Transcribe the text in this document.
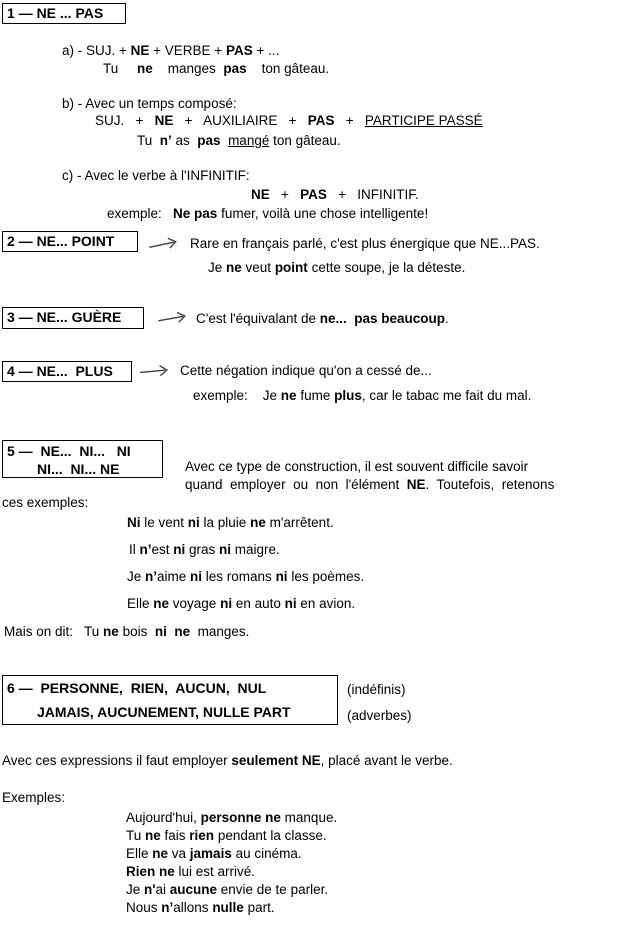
1 — NE ... PAS
a) - SUJ. + NE + VERBE + PAS + ...
Tu     ne    manges  pas    ton gâteau.
b) - Avec un temps composé:
SUJ.   +   NE   +   AUXILIAIRE   +   PAS   +   PARTICIPE PASSÉ
Tu  n’ as  pas mangé ton gâteau.
c) - Avec le verbe à l'INFINITIF:
NE   +   PAS   +   INFINITIF.
exemple:   Ne pas fumer, voilà une chose intelligente!
2 — NE... POINT	Rare en français parlé, c'est plus énergique que NE...PAS.
Je ne veut point cette soupe, je la déteste.
3 — NE... GUÈRE	C'est l'équivalant de ne...  pas beaucoup.
4 — NE...  PLUS	Cette négation indique qu'on a cessé de...
exemple:    Je ne fume plus, car le tabac me fait du mal.
5 —  NE...  NI...   NI
NI...  NI... NE	Avec ce type de construction, il est souvent difficile savoir
quand  employer  ou  non  l'élément  NE.  Toutefois,  retenons
ces exemples:
Ni le vent ni la pluie ne m'arrêtent.
Il n’est ni gras ni maigre.
Je n’aime ni les romans ni les poèmes.
Elle ne voyage ni en auto ni en avion.
Mais on dit:   Tu ne bois  ni ne  manges.
6 —  PERSONNE,  RIEN,  AUCUN,  NUL
JAMAIS, AUCUNEMENT, NULLE PART
(indéfinis)
(adverbes)
Avec ces expressions il faut employer seulement NE, placé avant le verbe.
Exemples:
Aujourd'hui, personne ne manque.
Tu ne fais rien pendant la classe.
Elle ne va jamais au cinéma.
Rien ne lui est arrivé.
Je n'ai aucune envie de te parler.
Nous n’allons nulle part.
